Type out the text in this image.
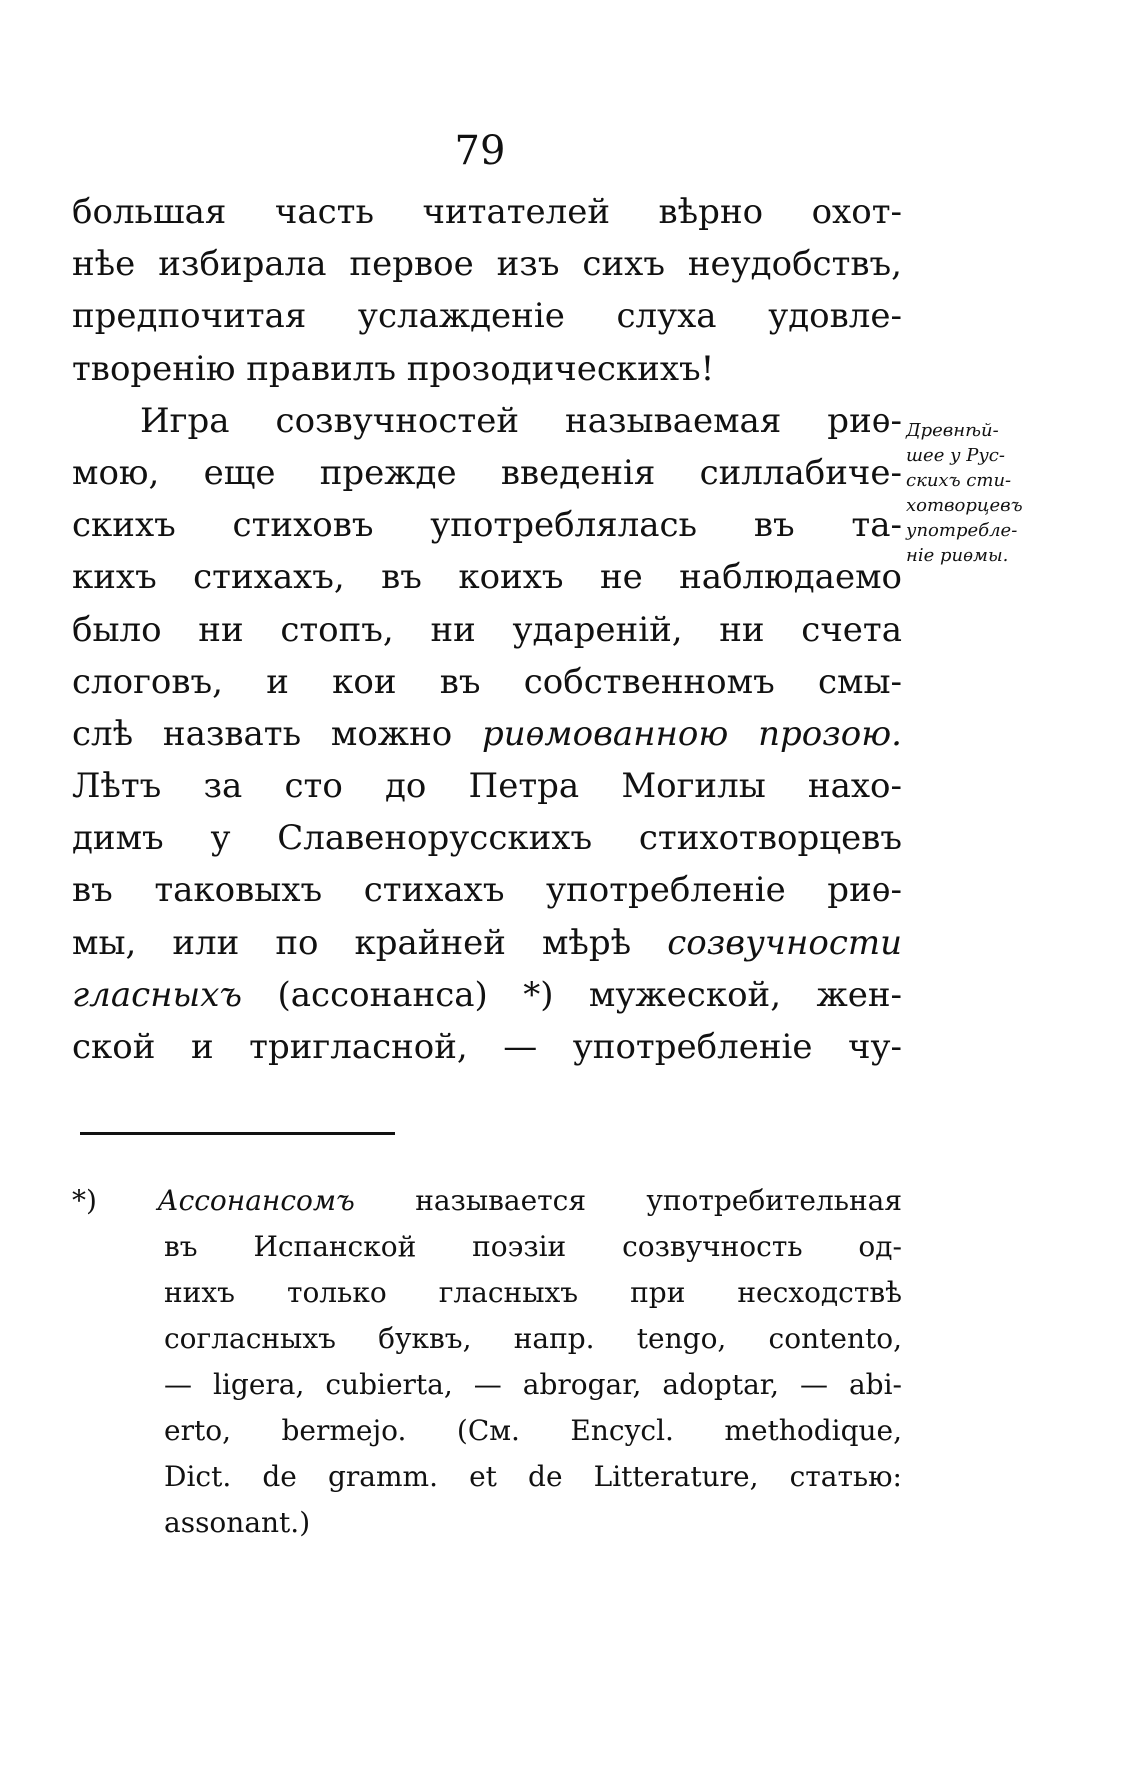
79
большая часть читателей вѣрно охот-
нѣе избирала первое изъ сихъ неудобствъ,
предпочитая услажденіе слуха удовле-
творенію правилъ прозодическихъ!
Игра созвучностей называемая риѳ-
мою, еще прежде введенія силлабиче-
скихъ стиховъ употреблялась въ та-
кихъ стихахъ, въ коихъ не наблюдаемо
было ни стопъ, ни удареній, ни счета
слоговъ, и кои въ собственномъ смы-
слѣ назвать можно риѳмованною прозою.
Лѣтъ за сто до Петра Могилы нахо-
димъ у Славенорусскихъ стихотворцевъ
въ таковыхъ стихахъ употребленіе риѳ-
мы, или по крайней мѣрѣ созвучности
гласныхъ (ассонанса) *) мужеской, жен-
ской и тригласной, — употребленіе чу-
Древнѣй-
шее у Рус-
скихъ сти-
хотворцевъ
употребле-
ніе риѳмы.
*) Ассонансомъ называется употребительная
въ Испанской поэзіи созвучность од-
нихъ только гласныхъ при несходствѣ
согласныхъ буквъ, напр. tengo, contento,
— ligera, cubierta, — abrogar, adoptar, — abi-
erto, bermejo. (См. Encycl. methodique,
Dict. de gramm. et de Litterature, статью:
assonant.)
